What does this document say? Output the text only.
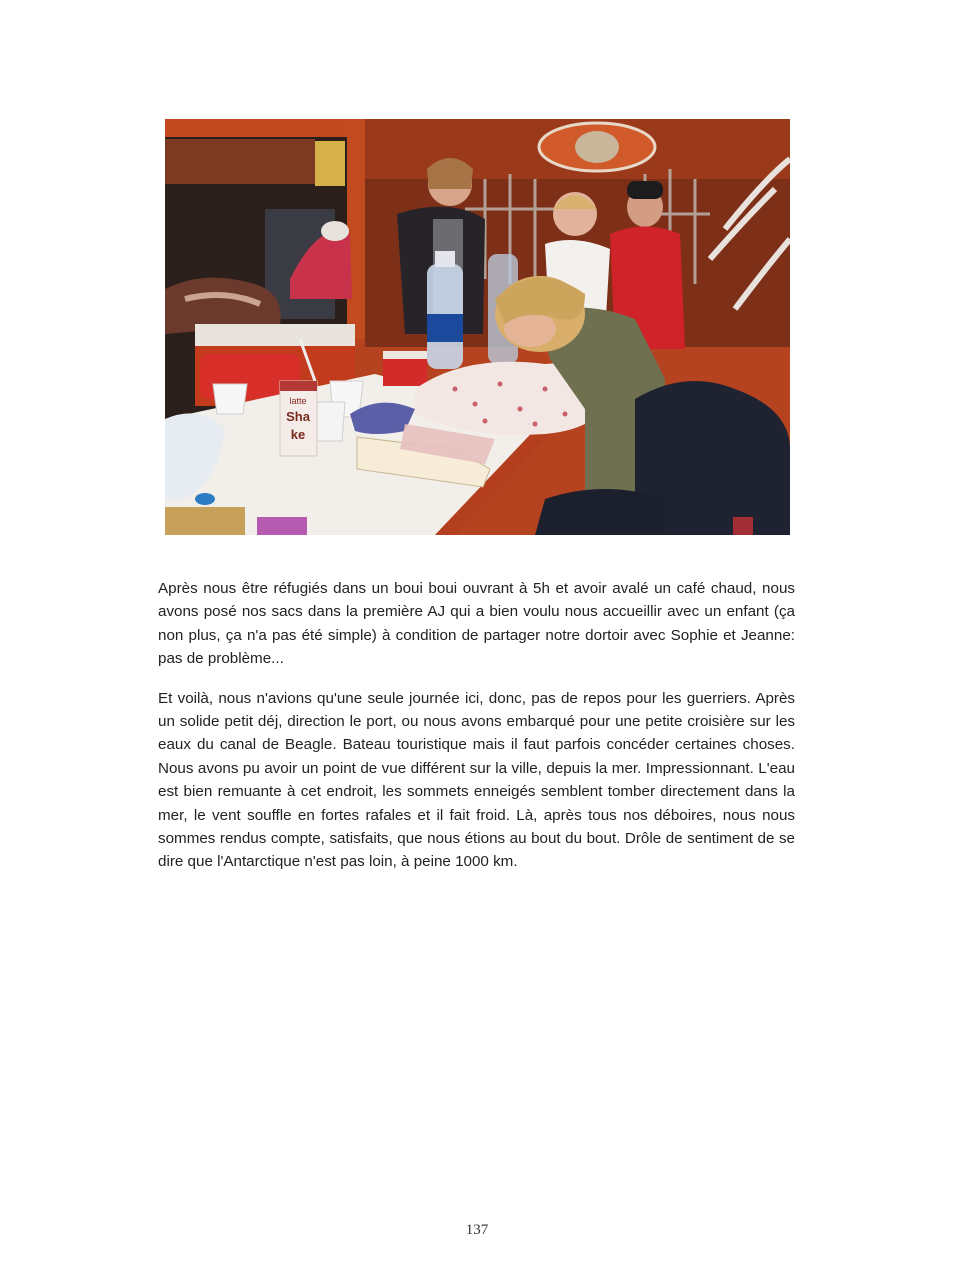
latte
Sha
ke

Après nous être réfugiés dans un boui boui ouvrant à 5h et avoir avalé un café chaud, nous avons posé nos sacs dans la première AJ qui a bien voulu nous accueillir avec un enfant (ça non plus, ça n'a pas été simple) à condition de partager notre dortoir avec Sophie et Jeanne: pas de problème...

Et voilà, nous n'avions qu'une seule journée ici, donc, pas de repos pour les guerriers. Après un solide petit déj, direction le port, ou nous avons embarqué pour une petite croisière sur les eaux du canal de Beagle. Bateau touristique mais il faut parfois concéder certaines choses. Nous avons pu avoir un point de vue différent sur la ville, depuis la mer. Impressionnant. L'eau est bien remuante à cet endroit, les sommets enneigés semblent tomber directement dans la mer, le vent souffle en fortes rafales et il fait froid. Là, après tous nos déboires, nous nous sommes rendus compte, satisfaits, que nous étions au bout du bout. Drôle de sentiment de se dire que l'Antarctique n'est pas loin, à peine 1000 km.

137
